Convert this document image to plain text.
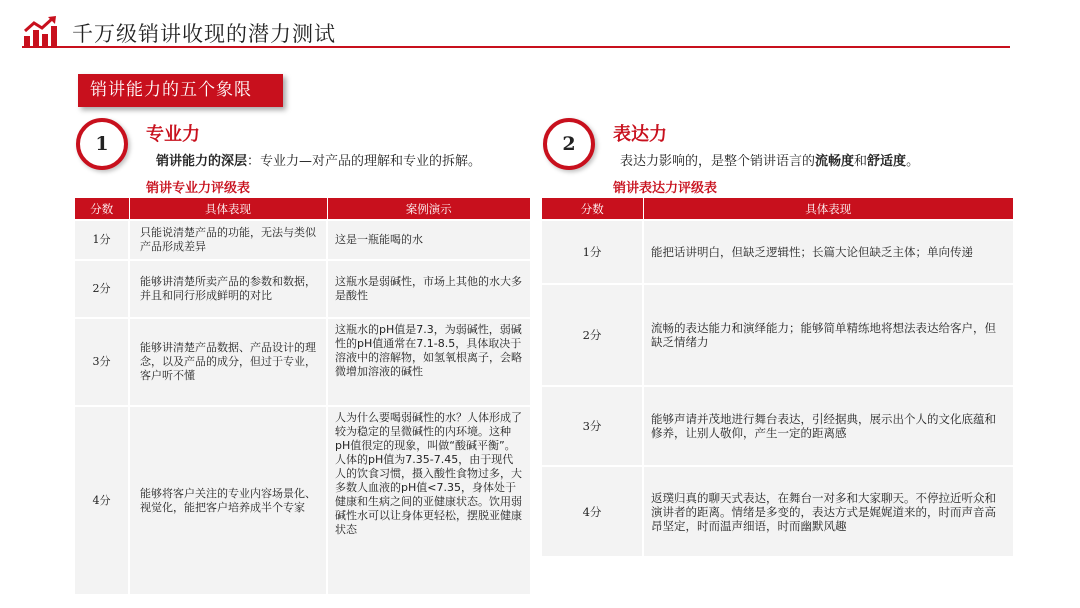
千万级销讲收现的潜力测试
销讲能力的五个象限
1	专业力
销讲能力的深层：专业力—对产品的理解和专业的拆解。
销讲专业力评级表
分数	具体表现	案例演示
1分	只能说清楚产品的功能，无法与类似产品形成差异	这是一瓶能喝的水
2分	能够讲清楚所卖产品的参数和数据，并且和同行形成鲜明的对比	这瓶水是弱碱性，市场上其他的水大多是酸性
3分	能够讲清楚产品数据、产品设计的理念，以及产品的成分，但过于专业，客户听不懂	这瓶水的pH值是7.3，为弱碱性，弱碱性的pH值通常在7.1-8.5，具体取决于溶液中的溶解物，如氢氧根离子，会略微增加溶液的碱性
4分	能够将客户关注的专业内容场景化、视觉化，能把客户培养成半个专家	人为什么要喝弱碱性的水？人体形成了较为稳定的呈微碱性的内环境。这种pH值很定的现象，叫做“酸碱平衡”。人体的pH值为7.35-7.45，由于现代人的饮食习惯，摄入酸性食物过多，大多数人血液的pH值<7.35，身体处于健康和生病之间的亚健康状态。饮用弱碱性水可以让身体更轻松，摆脱亚健康状态
2	表达力
表达力影响的，是整个销讲语言的流畅度和舒适度。
销讲表达力评级表
分数	具体表现
1分	能把话讲明白，但缺乏逻辑性；长篇大论但缺乏主体；单向传递
2分	流畅的表达能力和演绎能力；能够简单精练地将想法表达给客户，但缺乏情绪力
3分	能够声请并茂地进行舞台表达，引经据典，展示出个人的文化底蕴和修养，让别人敬仰，产生一定的距离感
4分	返璞归真的聊天式表达，在舞台一对多和大家聊天。不停拉近听众和演讲者的距离。情绪是多变的，表达方式是娓娓道来的，时而声音高昂坚定，时而温声细语，时而幽默风趣
